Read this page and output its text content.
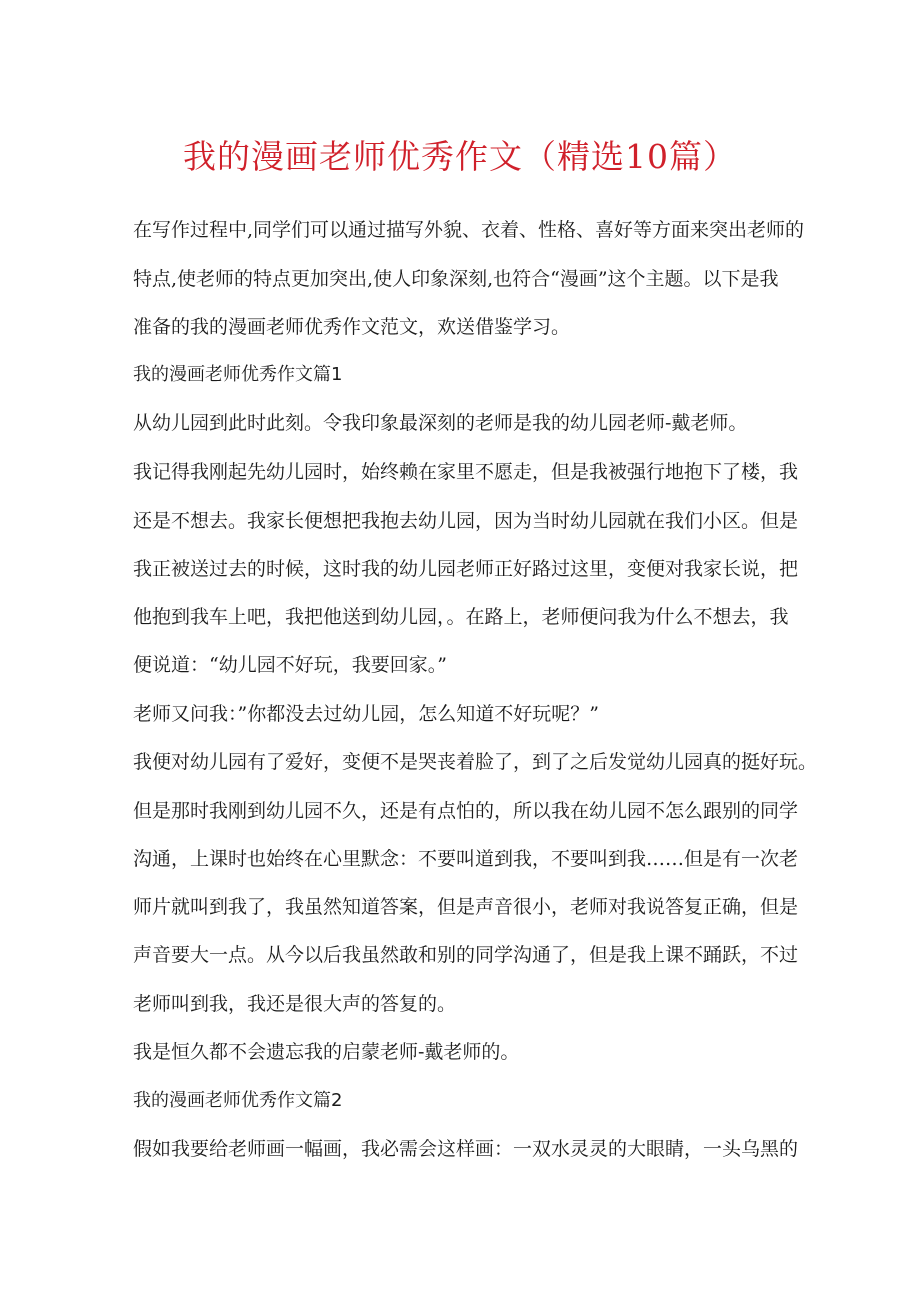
我的漫画老师优秀作文（精选10篇）
在写作过程中,同学们可以通过描写外貌、衣着、性格、喜好等方面来突出老师的
特点,使老师的特点更加突出,使人印象深刻,也符合“漫画”这个主题。以下是我
准备的我的漫画老师优秀作文范文，欢送借鉴学习。
我的漫画老师优秀作文篇1
从幼儿园到此时此刻。令我印象最深刻的老师是我的幼儿园老师-戴老师。
我记得我刚起先幼儿园时，始终赖在家里不愿走，但是我被强行地抱下了楼，我
还是不想去。我家长便想把我抱去幼儿园，因为当时幼儿园就在我们小区。但是
我正被送过去的时候，这时我的幼儿园老师正好路过这里，变便对我家长说，把
他抱到我车上吧，我把他送到幼儿园，。在路上，老师便问我为什么不想去，我
便说道：“幼儿园不好玩，我要回家。”
老师又问我：”你都没去过幼儿园，怎么知道不好玩呢？”
我便对幼儿园有了爱好，变便不是哭丧着脸了，到了之后发觉幼儿园真的挺好玩。
但是那时我刚到幼儿园不久，还是有点怕的，所以我在幼儿园不怎么跟别的同学
沟通，上课时也始终在心里默念：不要叫道到我，不要叫到我……但是有一次老
师片就叫到我了，我虽然知道答案，但是声音很小，老师对我说答复正确，但是
声音要大一点。从今以后我虽然敢和别的同学沟通了，但是我上课不踊跃，不过
老师叫到我，我还是很大声的答复的。
我是恒久都不会遗忘我的启蒙老师-戴老师的。
我的漫画老师优秀作文篇2
假如我要给老师画一幅画，我必需会这样画：一双水灵灵的大眼睛，一头乌黑的
